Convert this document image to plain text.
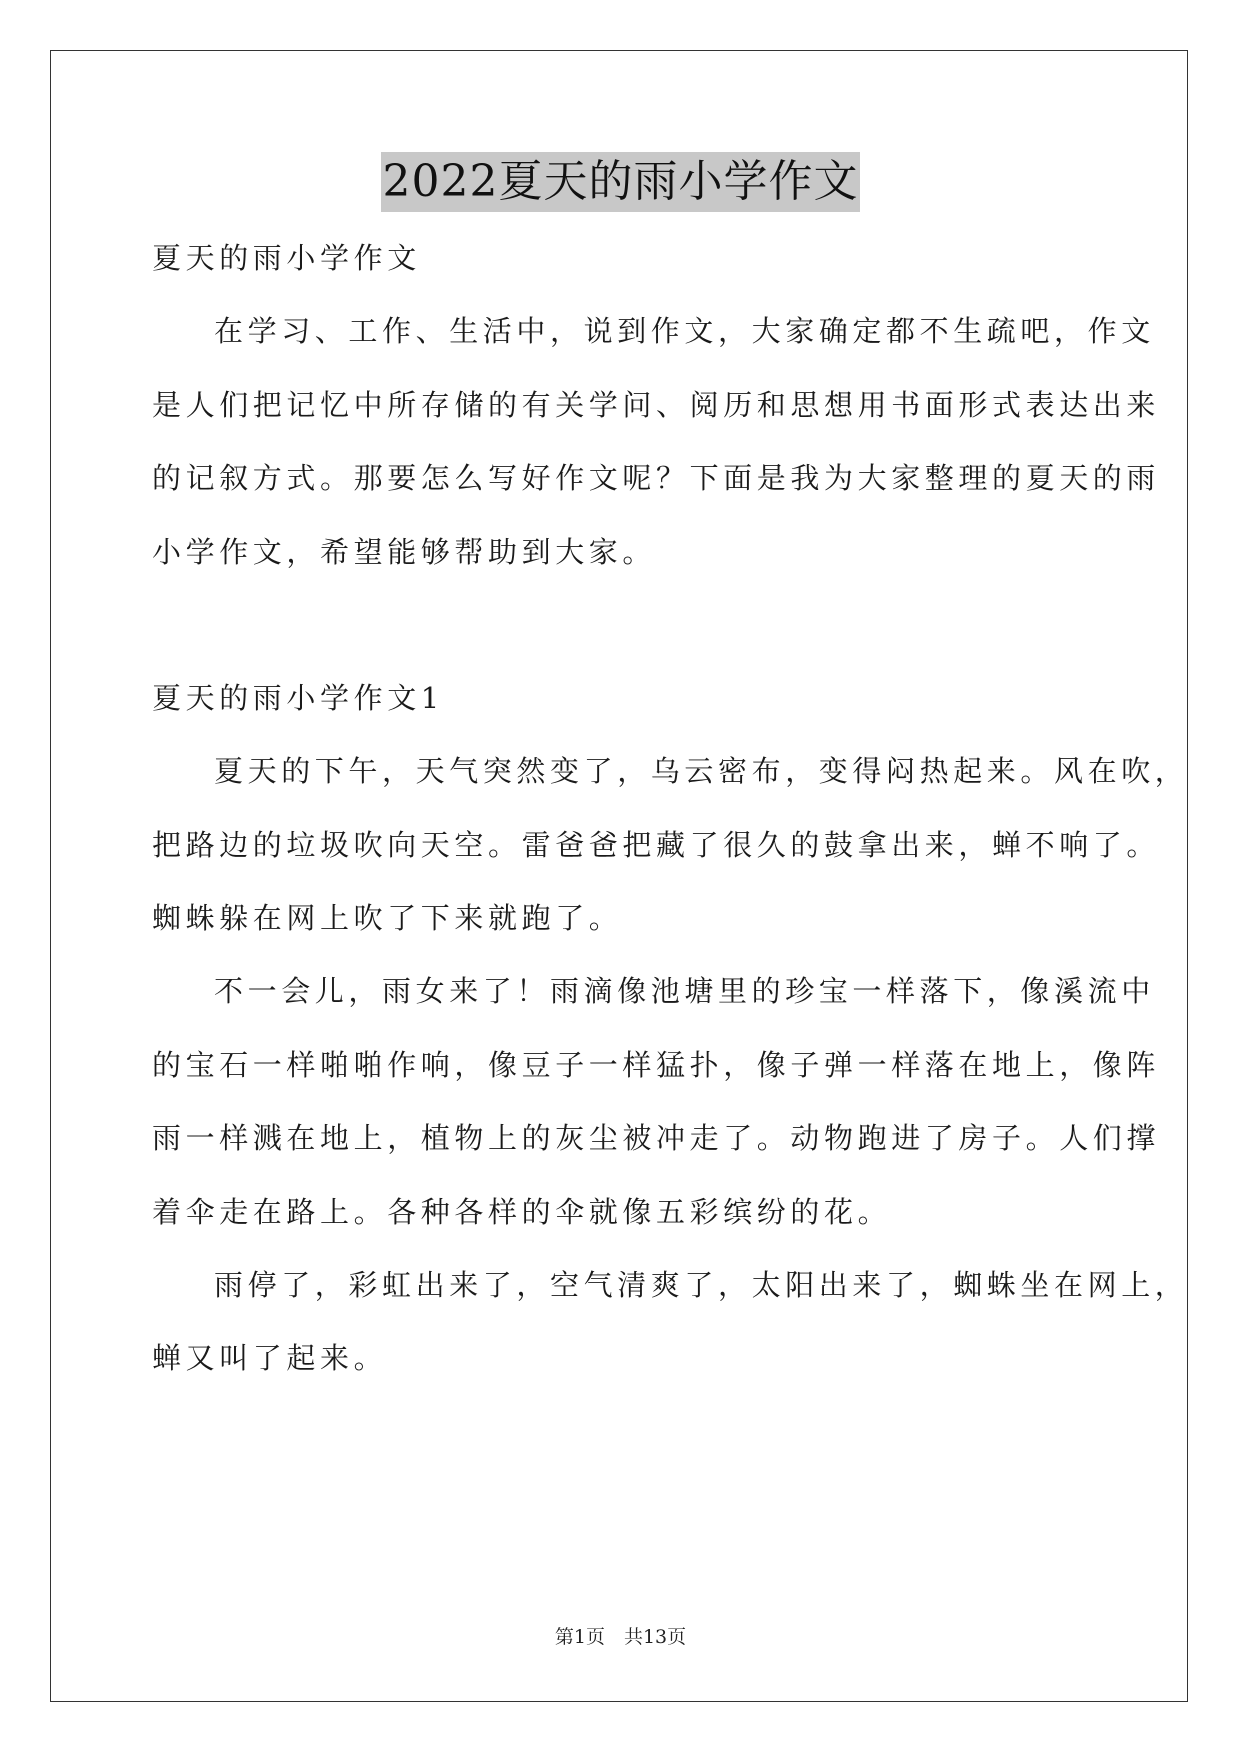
2022夏天的雨小学作文
夏天的雨小学作文
在学习、工作、生活中，说到作文，大家确定都不生疏吧，作文
是人们把记忆中所存储的有关学问、阅历和思想用书面形式表达出来
的记叙方式。那要怎么写好作文呢？下面是我为大家整理的夏天的雨
小学作文，希望能够帮助到大家。
夏天的雨小学作文1
夏天的下午，天气突然变了，乌云密布，变得闷热起来。风在吹，
把路边的垃圾吹向天空。雷爸爸把藏了很久的鼓拿出来，蝉不响了。
蜘蛛躲在网上吹了下来就跑了。
不一会儿，雨女来了！雨滴像池塘里的珍宝一样落下，像溪流中
的宝石一样啪啪作响，像豆子一样猛扑，像子弹一样落在地上，像阵
雨一样溅在地上，植物上的灰尘被冲走了。动物跑进了房子。人们撑
着伞走在路上。各种各样的伞就像五彩缤纷的花。
雨停了，彩虹出来了，空气清爽了，太阳出来了，蜘蛛坐在网上，
蝉又叫了起来。
第1页　共13页
